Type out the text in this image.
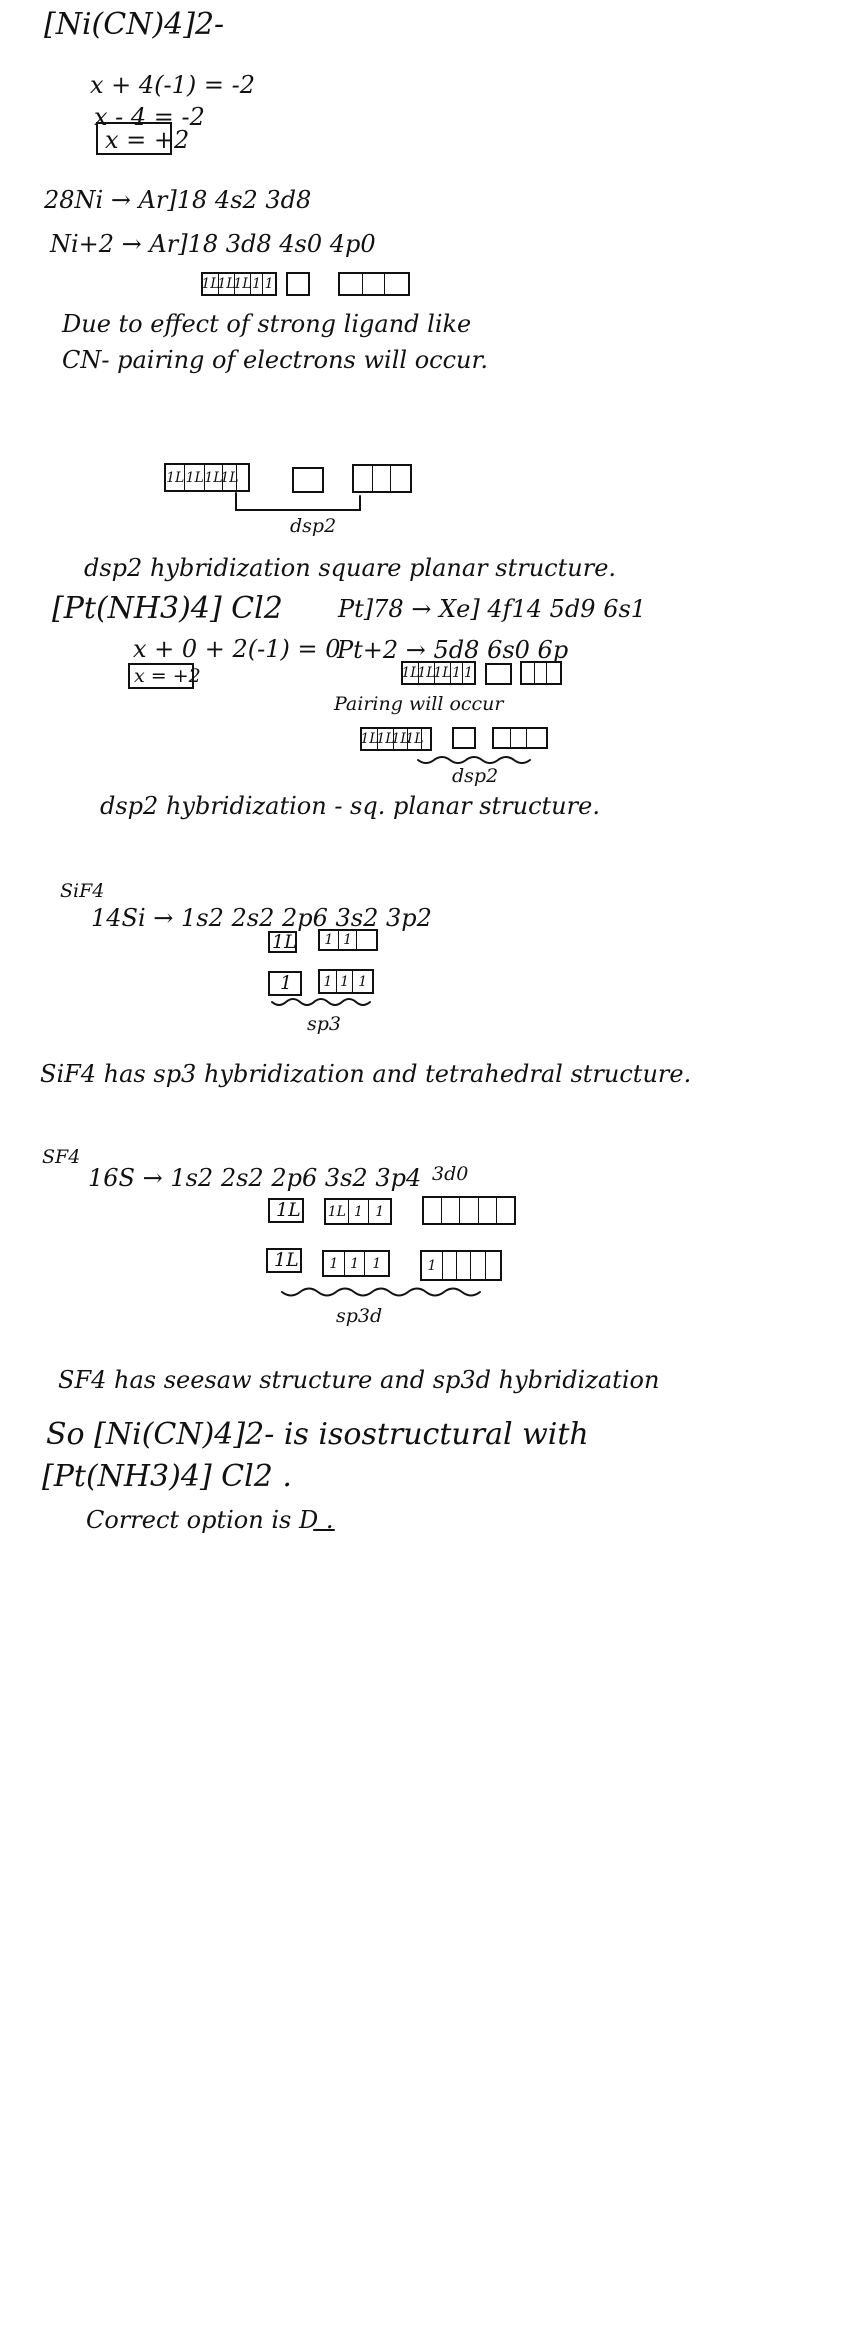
[Ni(CN)4]2-
x + 4(-1) = -2
x - 4 = -2
x = +2
28Ni → Ar]18 4s2 3d8
Ni+2 → Ar]18 3d8 4s0 4p0
1L
1L
1L 1 1
Due to effect of strong ligand like CN- pairing of electrons will occur.
1L 1L 1L
1L
dsp2
dsp2 hybridization square planar structure.
[Pt(NH3)4] Cl2
x + 0 + 2(-1) = 0
x = +2
Pt]78 → Xe] 4f14 5d9 6s1
Pt+2 → 5d8 6s0 6p
1L
1L
1L 1 1
Pairing will occur
1L
1L
1L
1L
dsp2
dsp2 hybridization - sq. planar structure.
SiF4
14Si → 1s2 2s2 2p6 3s2 3p2
1L	1 1
1 1 1 1
sp3
SiF4 has sp3 hybridization and tetrahedral structure.
SF4
16S → 1s2 2s2 2p6 3s2 3p4 3d0
1L 1L 1 1
1L	1 1 1	1
sp3d
SF4 has seesaw structure and sp3d hybridization
So [Ni(CN)4]2- is isostructural with
[Pt(NH3)4] Cl2 .
Correct option is D .
